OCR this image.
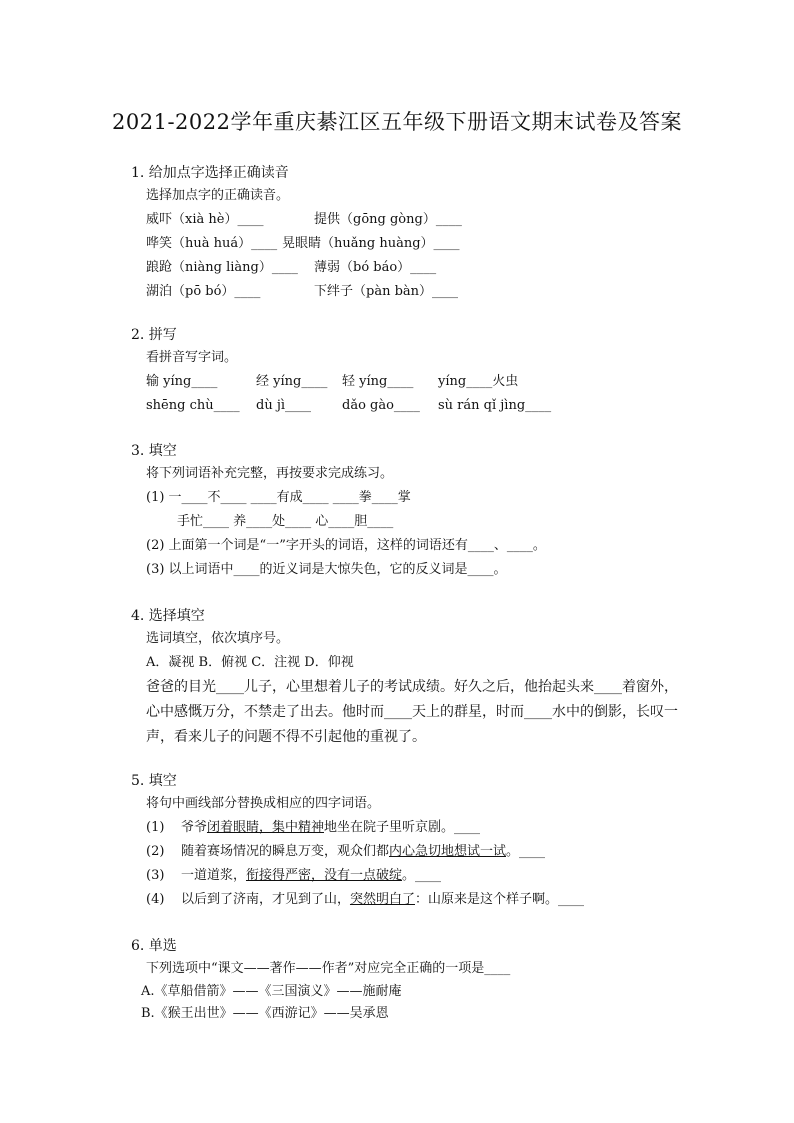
2021-2022学年重庆綦江区五年级下册语文期末试卷及答案
1. 给加点字选择正确读音
选择加点字的正确读音。
威吓（xià hè）____	提供（gōng gòng）____
哗笑（huà huá）____ 晃眼睛（huǎng huàng）____
踉跄（niàng liàng）____	薄弱（bó báo）____
湖泊（pō bó）____	下绊子（pàn bàn）____
2. 拼写
看拼音写字词。
输 yíng____	经 yíng____	轻 yíng____	yíng____火虫
shēng chù____	dù jì____	dǎo gào____	sù rán qǐ jìng____
3. 填空
将下列词语补充完整，再按要求完成练习。
(1) 一____不____ ____有成____ ____拳____掌
手忙____ 养____处____ 心____胆____
(2) 上面第一个词是“一”字开头的词语，这样的词语还有____、____。
(3) 以上词语中____的近义词是大惊失色，它的反义词是____。
4. 选择填空
选词填空，依次填序号。
A．凝视 B．俯视 C．注视 D．仰视
爸爸的目光____儿子，心里想着儿子的考试成绩。好久之后，他抬起头来____着窗外，心中感慨万分，不禁走了出去。他时而____天上的群星，时而____水中的倒影，长叹一声，看来儿子的问题不得不引起他的重视了。
5. 填空
将句中画线部分替换成相应的四字词语。
(1) 爷爷闭着眼睛，集中精神地坐在院子里听京剧。____
(2) 随着赛场情况的瞬息万变，观众们都内心急切地想试一试。____
(3) 一道道浆，衔接得严密，没有一点破绽。____
(4) 以后到了济南，才见到了山，突然明白了：山原来是这个样子啊。____
6. 单选
下列选项中“课文——著作——作者”对应完全正确的一项是____
A.《草船借箭》——《三国演义》——施耐庵
B.《猴王出世》——《西游记》——吴承恩
